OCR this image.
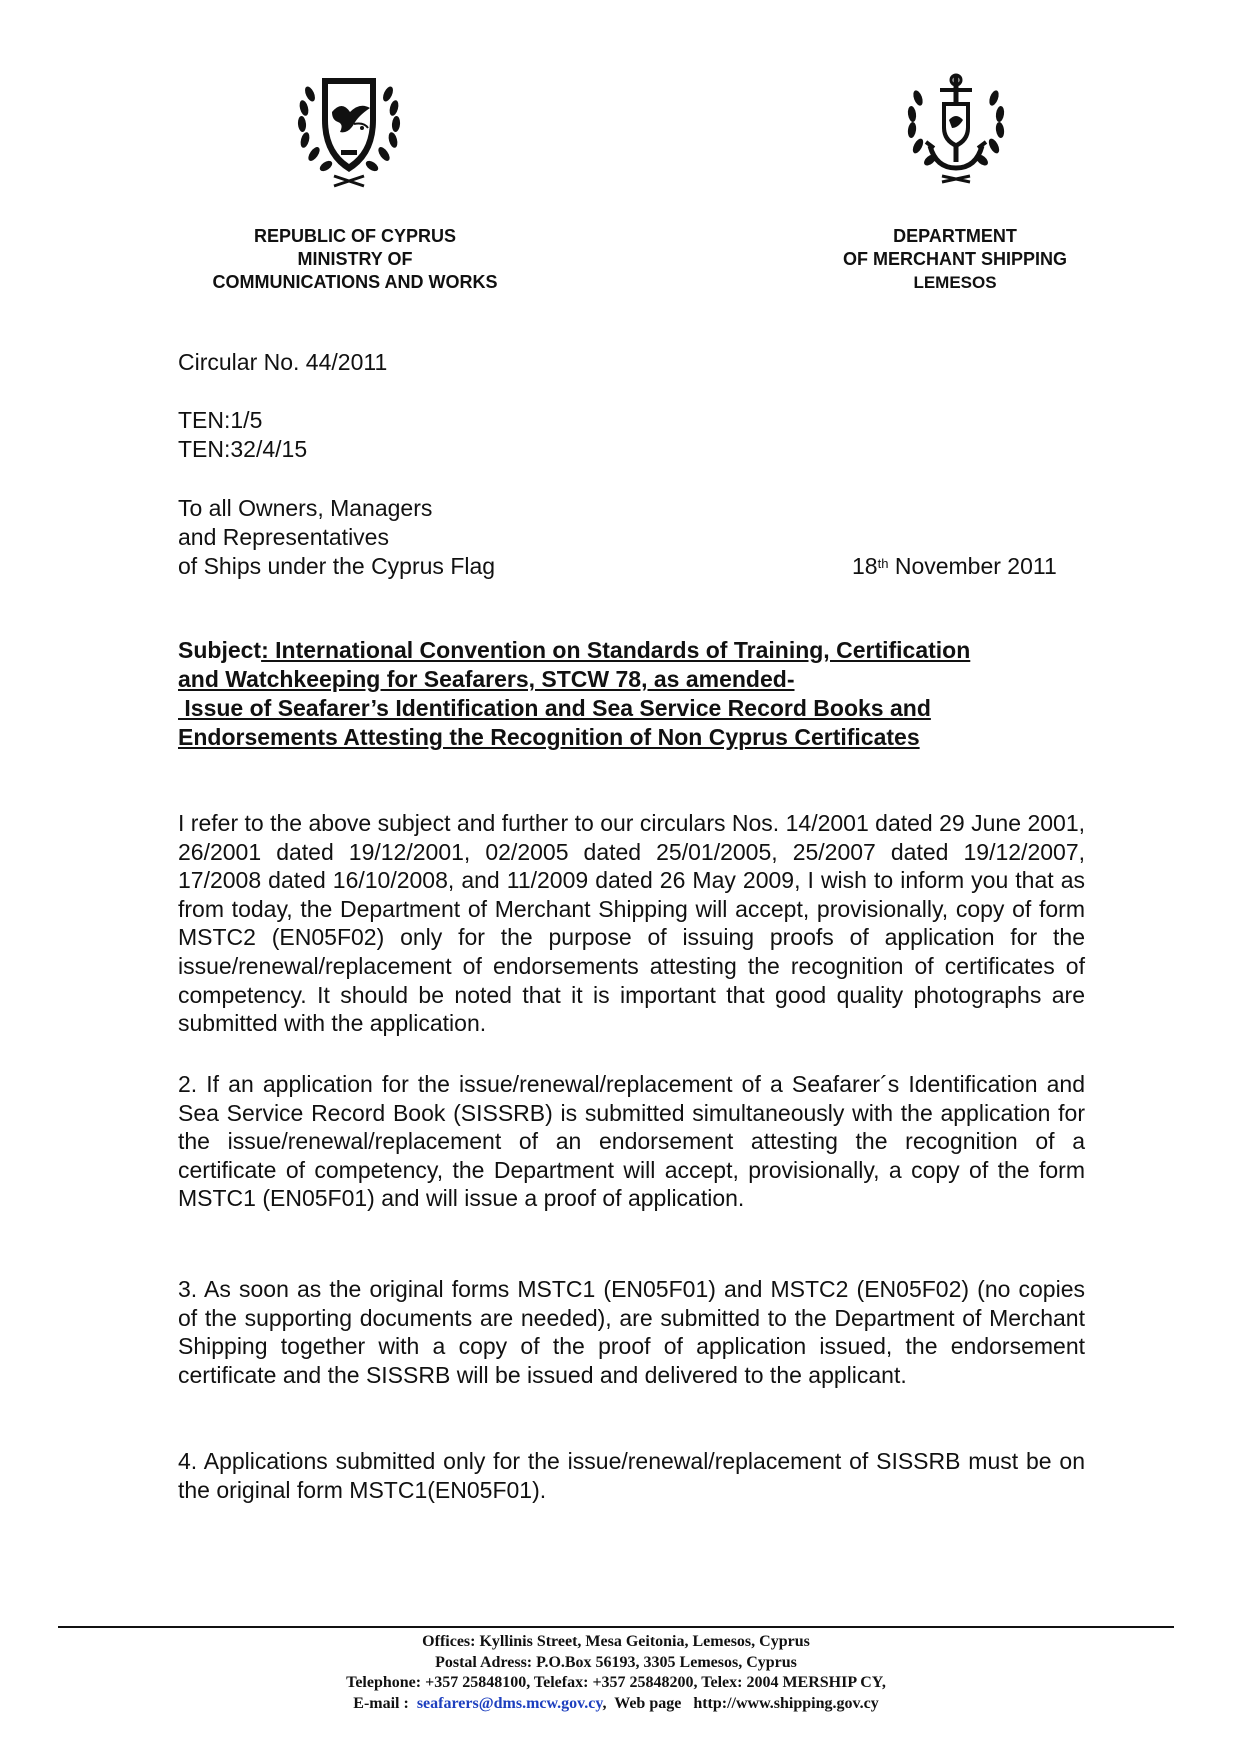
REPUBLIC OF CYPRUS
MINISTRY OF
COMMUNICATIONS AND WORKS
DEPARTMENT
OF MERCHANT SHIPPING
LEMESOS
Circular No. 44/2011
TEN:1/5
TEN:32/4/15
To all Owners, Managers
and Representatives
of Ships under the Cyprus Flag	18th November 2011
Subject: International Convention on Standards of Training, Certification
and Watchkeeping for Seafarers, STCW 78, as amended-
Issue of Seafarer’s Identification and Sea Service Record Books and
Endorsements Attesting the Recognition of Non Cyprus Certificates
I refer to the above subject and further to our circulars Nos. 14/2001 dated 29 June 2001, 26/2001 dated 19/12/2001, 02/2005 dated 25/01/2005, 25/2007 dated 19/12/2007, 17/2008 dated 16/10/2008, and 11/2009 dated 26 May 2009, I wish to inform you that as from today, the Department of Merchant Shipping will accept, provisionally, copy of form MSTC2 (EN05F02) only for the purpose of issuing proofs of application for the issue/renewal/replacement of endorsements attesting the recognition of certificates of competency. It should be noted that it is important that good quality photographs are submitted with the application.
2. If an application for the issue/renewal/replacement of a Seafarer´s Identification and Sea Service Record Book (SISSRB) is submitted simultaneously with the application for the issue/renewal/replacement of an endorsement attesting the recognition of a certificate of competency, the Department will accept, provisionally, a copy of the form MSTC1 (EN05F01) and will issue a proof of application.
3. As soon as the original forms MSTC1 (EN05F01) and MSTC2 (EN05F02) (no copies of the supporting documents are needed), are submitted to the Department of Merchant Shipping together with a copy of the proof of application issued, the endorsement certificate and the SISSRB will be issued and delivered to the applicant.
4. Applications submitted only for the issue/renewal/replacement of SISSRB must be on the original form MSTC1(EN05F01).
Offices: Kyllinis Street, Mesa Geitonia, Lemesos, Cyprus
Postal Adress: P.O.Box 56193, 3305 Lemesos, Cyprus
Telephone: +357 25848100, Telefax: +357 25848200, Telex: 2004 MERSHIP CY,
E-mail :  seafarers@dms.mcw.gov.cy,  Web page   http://www.shipping.gov.cy
